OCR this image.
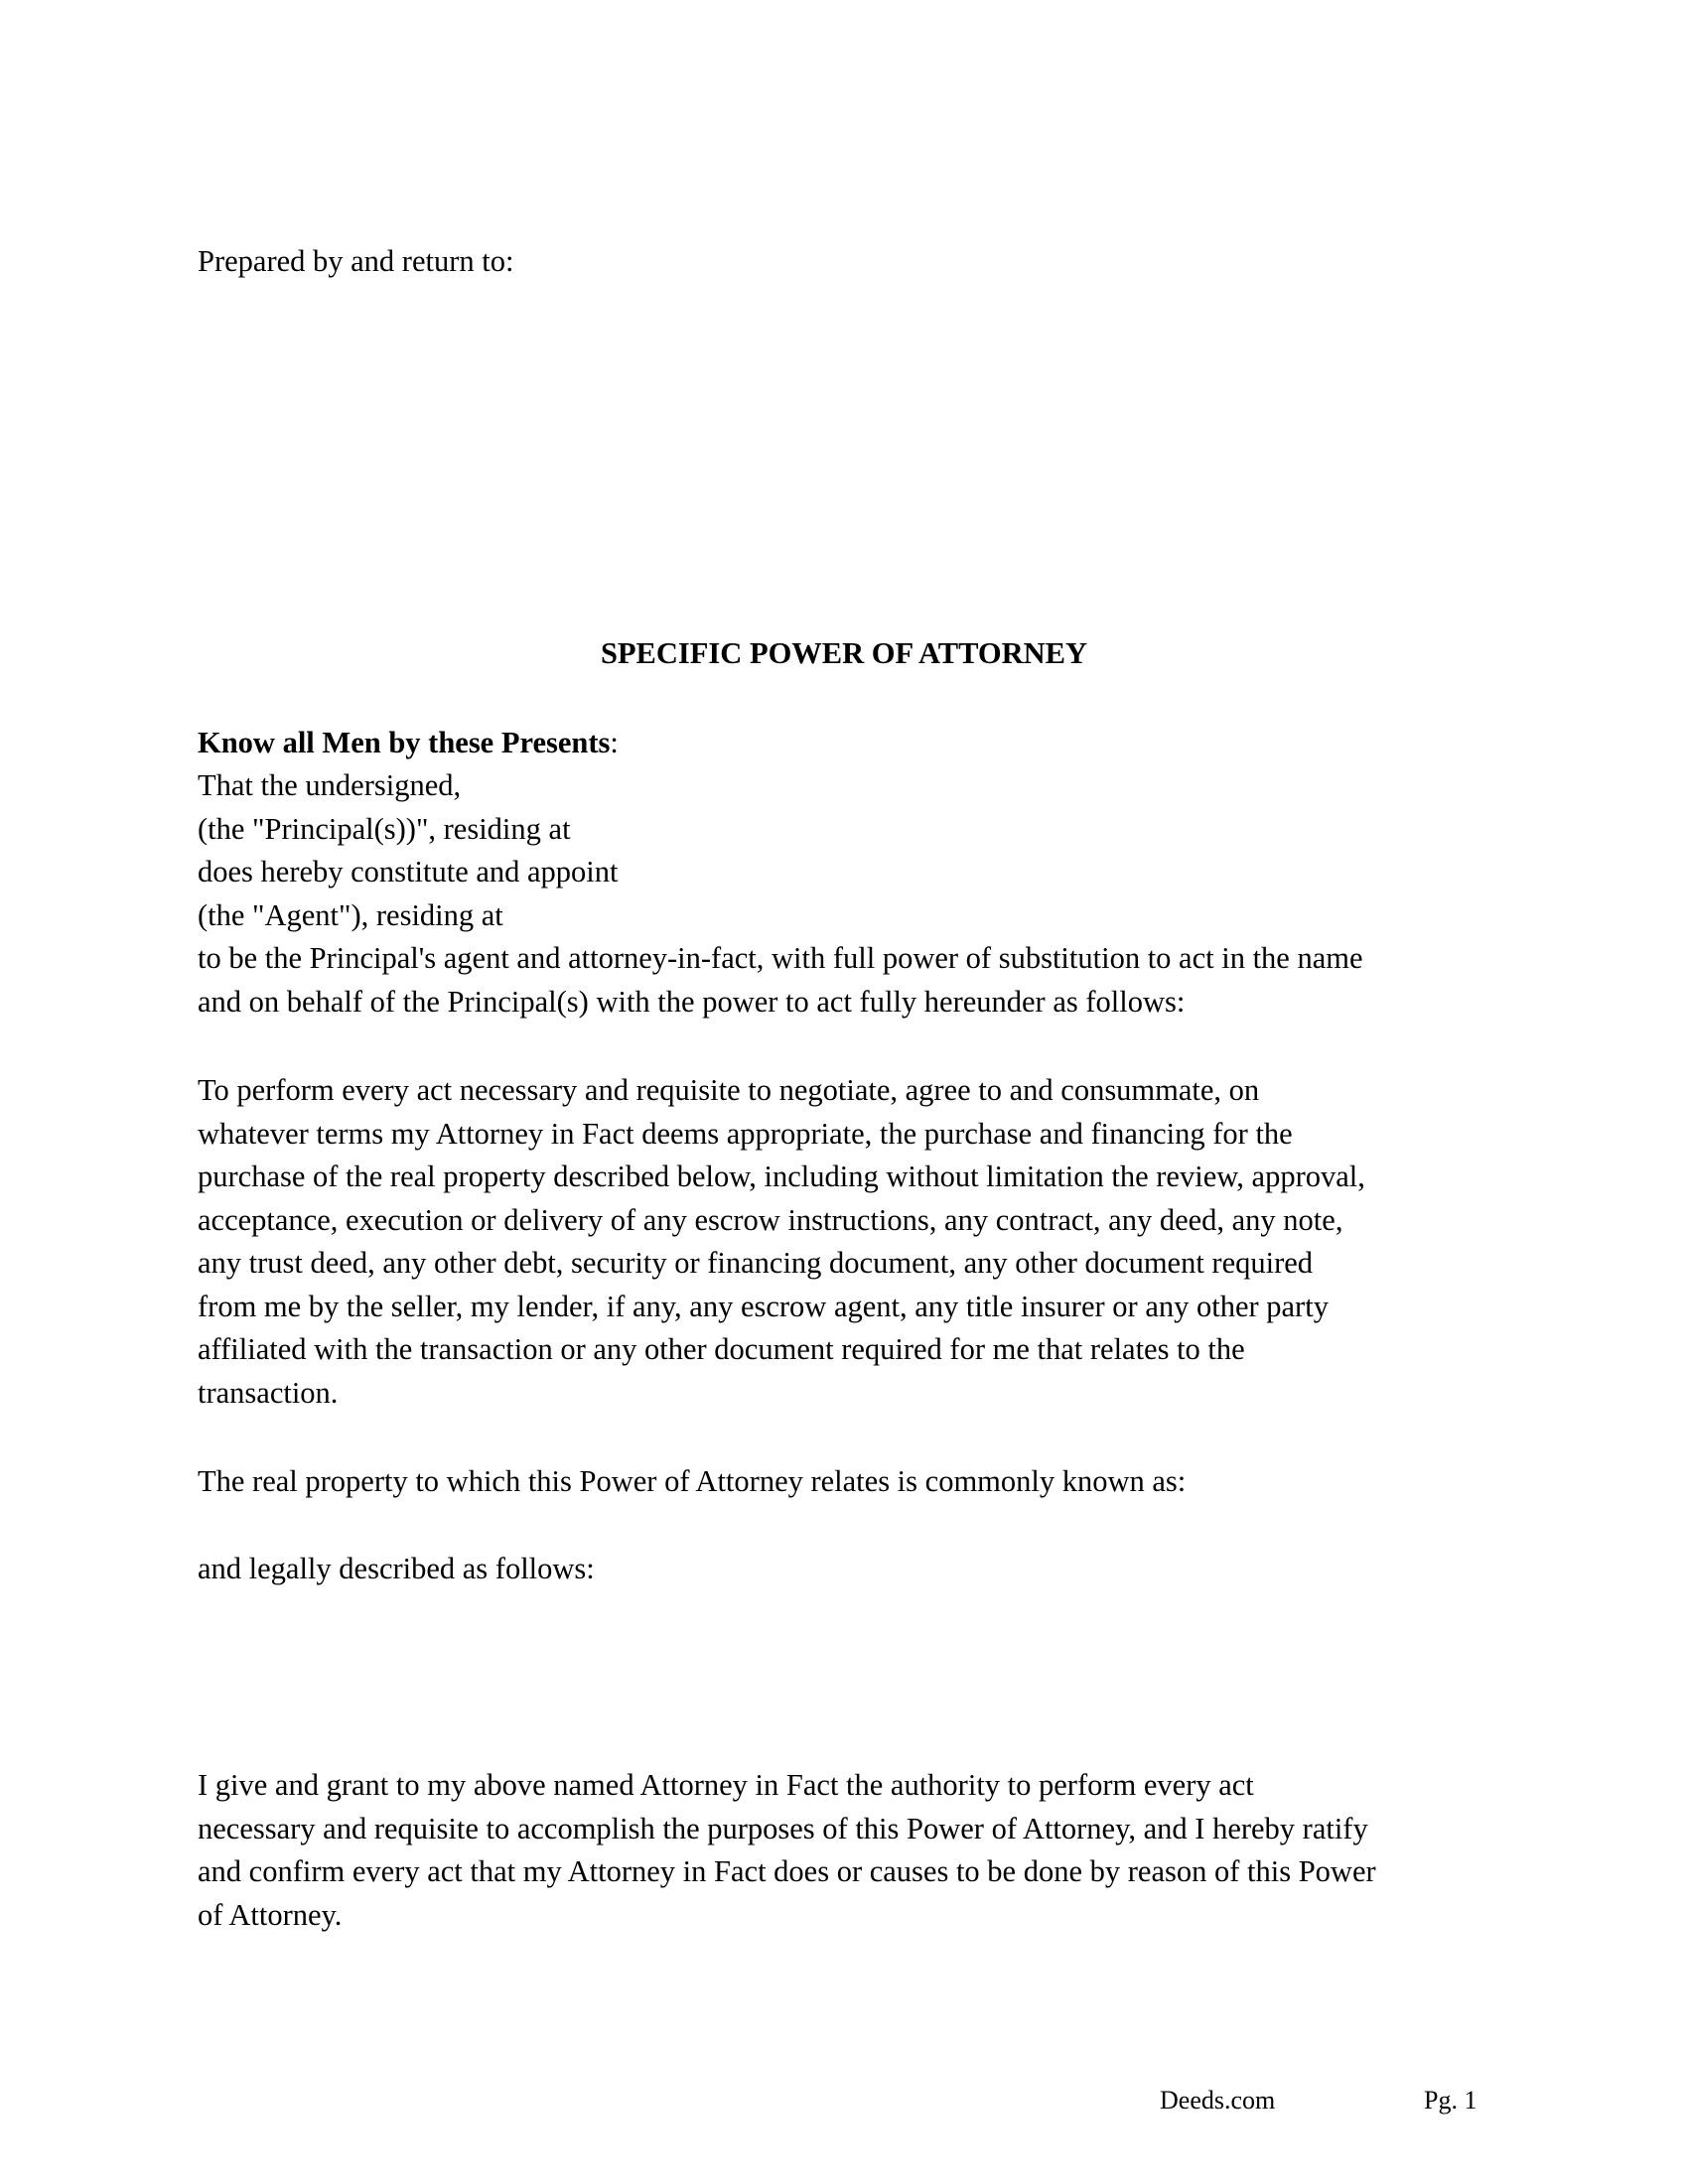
Prepared by and return to:

SPECIFIC POWER OF ATTORNEY

Know all Men by these Presents:

That the undersigned,

(the "Principal(s))", residing at

does hereby constitute and appoint

(the "Agent"), residing at

to be the Principal's agent and attorney-in-fact, with full power of substitution to act in the name

and on behalf of the Principal(s) with the power to act fully hereunder as follows:

To perform every act necessary and requisite to negotiate, agree to and consummate, on

whatever terms my Attorney in Fact deems appropriate, the purchase and financing for the

purchase of the real property described below, including without limitation the review, approval,

acceptance, execution or delivery of any escrow instructions, any contract, any deed, any note,

any trust deed, any other debt, security or financing document, any other document required

from me by the seller, my lender, if any, any escrow agent, any title insurer or any other party

affiliated with the transaction or any other document required for me that relates to the

transaction.

The real property to which this Power of Attorney relates is commonly known as:

and legally described as follows:

I give and grant to my above named Attorney in Fact the authority to perform every act

necessary and requisite to accomplish the purposes of this Power of Attorney, and I hereby ratify

and confirm every act that my Attorney in Fact does or causes to be done by reason of this Power

of Attorney.

Deeds.com	Pg. 1
